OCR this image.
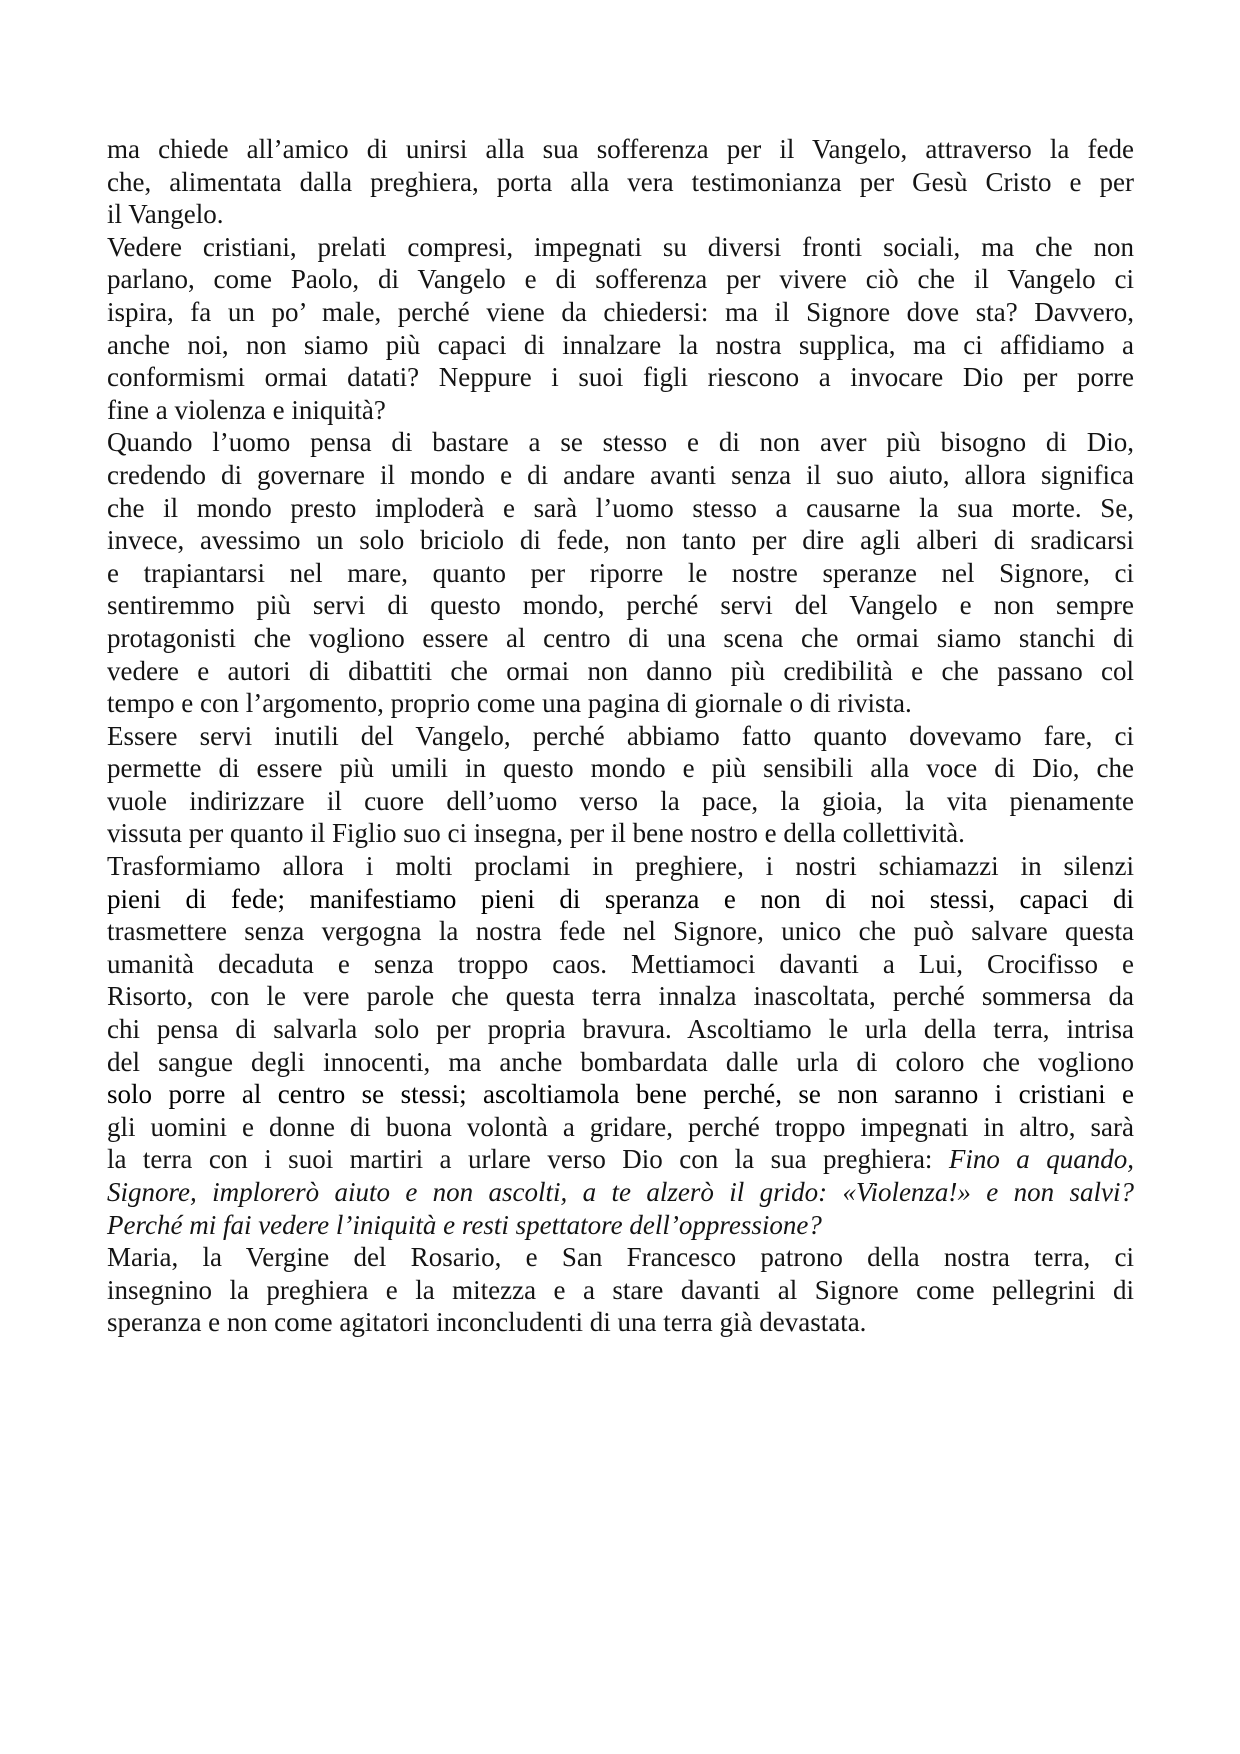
ma chiede all’amico di unirsi alla sua sofferenza per il Vangelo, attraverso la fede
che, alimentata dalla preghiera, porta alla vera testimonianza per Gesù Cristo e per
il Vangelo.
Vedere cristiani, prelati compresi, impegnati su diversi fronti sociali, ma che non
parlano, come Paolo, di Vangelo e di sofferenza per vivere ciò che il Vangelo ci
ispira, fa un po’ male, perché viene da chiedersi: ma il Signore dove sta? Davvero,
anche noi, non siamo più capaci di innalzare la nostra supplica, ma ci affidiamo a
conformismi ormai datati? Neppure i suoi figli riescono a invocare Dio per porre
fine a violenza e iniquità?
Quando l’uomo pensa di bastare a se stesso e di non aver più bisogno di Dio,
credendo di governare il mondo e di andare avanti senza il suo aiuto, allora significa
che il mondo presto imploderà e sarà l’uomo stesso a causarne la sua morte. Se,
invece, avessimo un solo briciolo di fede, non tanto per dire agli alberi di sradicarsi
e trapiantarsi nel mare, quanto per riporre le nostre speranze nel Signore, ci
sentiremmo più servi di questo mondo, perché servi del Vangelo e non sempre
protagonisti che vogliono essere al centro di una scena che ormai siamo stanchi di
vedere e autori di dibattiti che ormai non danno più credibilità e che passano col
tempo e con l’argomento, proprio come una pagina di giornale o di rivista.
Essere servi inutili del Vangelo, perché abbiamo fatto quanto dovevamo fare, ci
permette di essere più umili in questo mondo e più sensibili alla voce di Dio, che
vuole indirizzare il cuore dell’uomo verso la pace, la gioia, la vita pienamente
vissuta per quanto il Figlio suo ci insegna, per il bene nostro e della collettività.
Trasformiamo allora i molti proclami in preghiere, i nostri schiamazzi in silenzi
pieni di fede; manifestiamo pieni di speranza e non di noi stessi, capaci di
trasmettere senza vergogna la nostra fede nel Signore, unico che può salvare questa
umanità decaduta e senza troppo caos. Mettiamoci davanti a Lui, Crocifisso e
Risorto, con le vere parole che questa terra innalza inascoltata, perché sommersa da
chi pensa di salvarla solo per propria bravura. Ascoltiamo le urla della terra, intrisa
del sangue degli innocenti, ma anche bombardata dalle urla di coloro che vogliono
solo porre al centro se stessi; ascoltiamola bene perché, se non saranno i cristiani e
gli uomini e donne di buona volontà a gridare, perché troppo impegnati in altro, sarà
la terra con i suoi martiri a urlare verso Dio con la sua preghiera: Fino a quando,
Signore, implorerò aiuto e non ascolti, a te alzerò il grido: «Violenza!» e non salvi?
Perché mi fai vedere l’iniquità e resti spettatore dell’oppressione?
Maria, la Vergine del Rosario, e San Francesco patrono della nostra terra, ci
insegnino la preghiera e la mitezza e a stare davanti al Signore come pellegrini di
speranza e non come agitatori inconcludenti di una terra già devastata.
